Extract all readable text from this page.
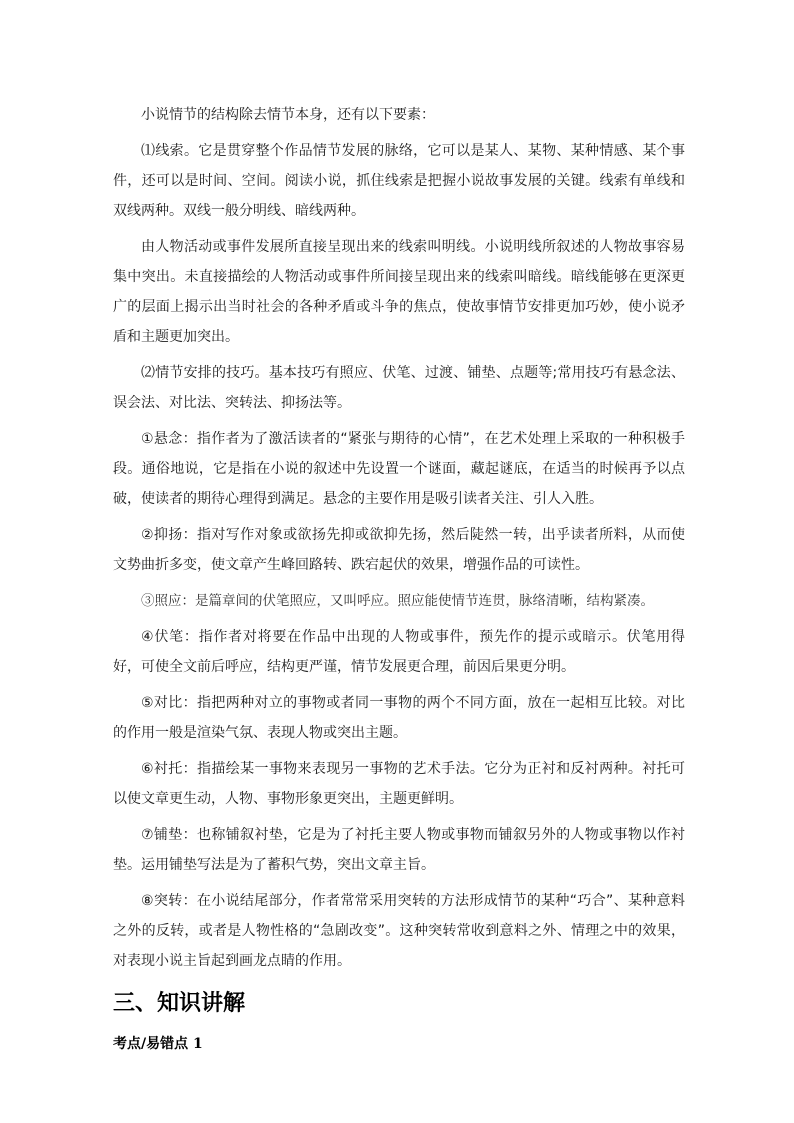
小说情节的结构除去情节本身，还有以下要素：

⑴线索。它是贯穿整个作品情节发展的脉络，它可以是某人、某物、某种情感、某个事件，还可以是时间、空间。阅读小说，抓住线索是把握小说故事发展的关键。线索有单线和双线两种。双线一般分明线、暗线两种。

由人物活动或事件发展所直接呈现出来的线索叫明线。小说明线所叙述的人物故事容易集中突出。未直接描绘的人物活动或事件所间接呈现出来的线索叫暗线。暗线能够在更深更广的层面上揭示出当时社会的各种矛盾或斗争的焦点，使故事情节安排更加巧妙，使小说矛盾和主题更加突出。

⑵情节安排的技巧。基本技巧有照应、伏笔、过渡、铺垫、点题等;常用技巧有悬念法、误会法、对比法、突转法、抑扬法等。

①悬念：指作者为了激活读者的“紧张与期待的心情”，在艺术处理上采取的一种积极手段。通俗地说，它是指在小说的叙述中先设置一个谜面，藏起谜底，在适当的时候再予以点破，使读者的期待心理得到满足。悬念的主要作用是吸引读者关注、引人入胜。

②抑扬：指对写作对象或欲扬先抑或欲抑先扬，然后陡然一转，出乎读者所料，从而使文势曲折多变，使文章产生峰回路转、跌宕起伏的效果，增强作品的可读性。

③照应：是篇章间的伏笔照应，又叫呼应。照应能使情节连贯，脉络清晰，结构紧凑。

④伏笔：指作者对将要在作品中出现的人物或事件，预先作的提示或暗示。伏笔用得好，可使全文前后呼应，结构更严谨，情节发展更合理，前因后果更分明。

⑤对比：指把两种对立的事物或者同一事物的两个不同方面，放在一起相互比较。对比的作用一般是渲染气氛、表现人物或突出主题。

⑥衬托：指描绘某一事物来表现另一事物的艺术手法。它分为正衬和反衬两种。衬托可以使文章更生动，人物、事物形象更突出，主题更鲜明。

⑦铺垫：也称铺叙衬垫，它是为了衬托主要人物或事物而铺叙另外的人物或事物以作衬垫。运用铺垫写法是为了蓄积气势，突出文章主旨。

⑧突转：在小说结尾部分，作者常常采用突转的方法形成情节的某种“巧合”、某种意料之外的反转，或者是人物性格的“急剧改变”。这种突转常收到意料之外、情理之中的效果，对表现小说主旨起到画龙点睛的作用。

三、知识讲解
考点/易错点 1
